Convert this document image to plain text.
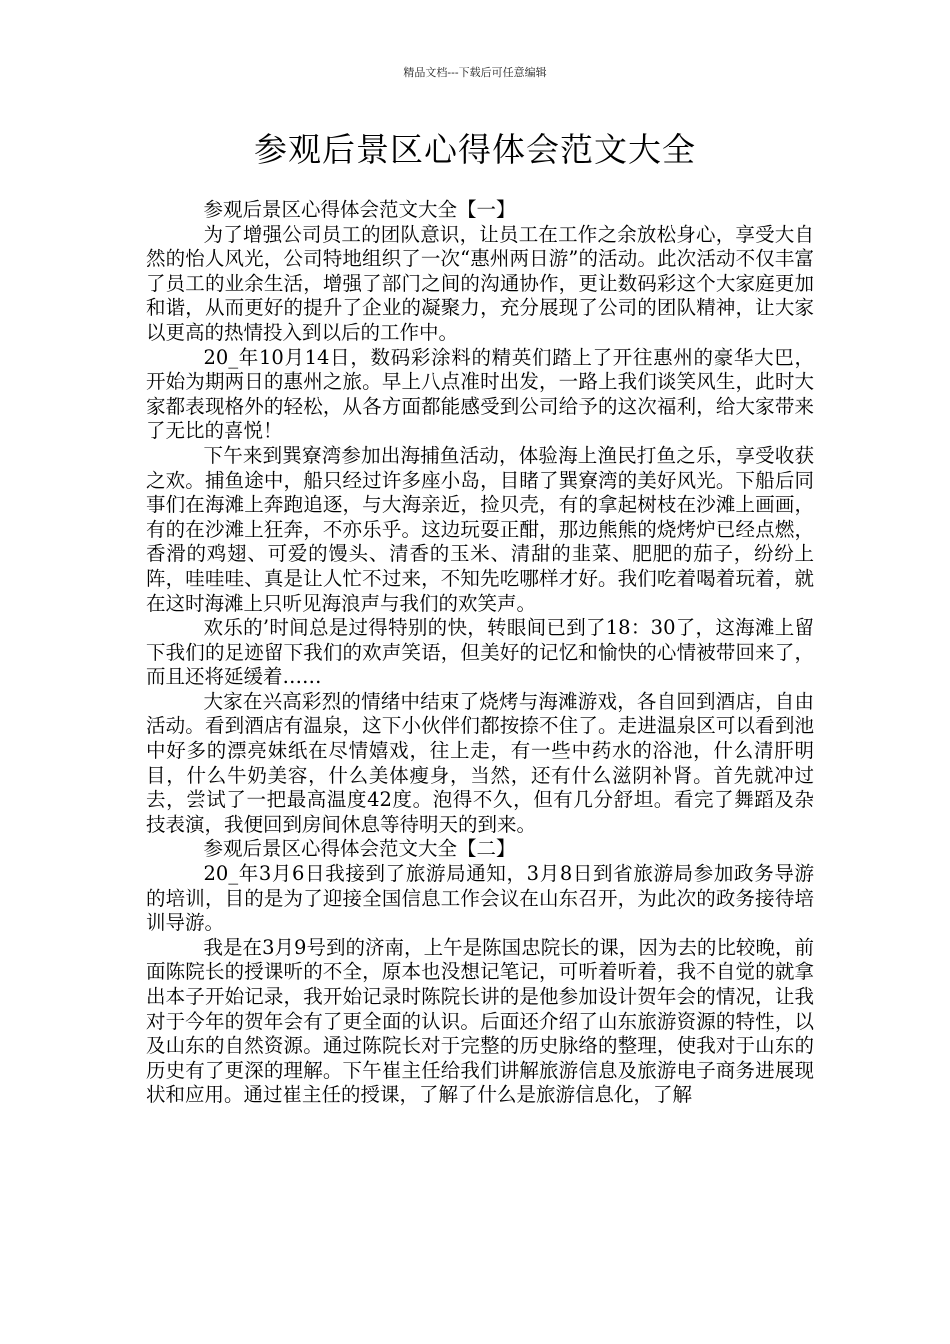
精品文档---下载后可任意编辑
参观后景区心得体会范文大全

参观后景区心得体会范文大全【一】

为了增强公司员工的团队意识，让员工在工作之余放松身心，享受大自然的怡人风光，公司特地组织了一次“惠州两日游”的活动。此次活动不仅丰富了员工的业余生活，增强了部门之间的沟通协作，更让数码彩这个大家庭更加和谐，从而更好的提升了企业的凝聚力，充分展现了公司的团队精神，让大家以更高的热情投入到以后的工作中。

20_年10月14日，数码彩涂料的精英们踏上了开往惠州的豪华大巴，开始为期两日的惠州之旅。早上八点准时出发，一路上我们谈笑风生，此时大家都表现格外的轻松，从各方面都能感受到公司给予的这次福利，给大家带来了无比的喜悦！

下午来到巽寮湾参加出海捕鱼活动，体验海上渔民打鱼之乐，享受收获之欢。捕鱼途中，船只经过许多座小岛，目睹了巽寮湾的美好风光。下船后同事们在海滩上奔跑追逐，与大海亲近，捡贝壳，有的拿起树枝在沙滩上画画，有的在沙滩上狂奔，不亦乐乎。这边玩耍正酣，那边熊熊的烧烤炉已经点燃，香滑的鸡翅、可爱的馒头、清香的玉米、清甜的韭菜、肥肥的茄子，纷纷上阵，哇哇哇、真是让人忙不过来，不知先吃哪样才好。我们吃着喝着玩着，就在这时海滩上只听见海浪声与我们的欢笑声。

欢乐的’时间总是过得特别的快，转眼间已到了18：30了，这海滩上留下我们的足迹留下我们的欢声笑语，但美好的记忆和愉快的心情被带回来了，而且还将延缓着……

大家在兴高彩烈的情绪中结束了烧烤与海滩游戏，各自回到酒店，自由活动。看到酒店有温泉，这下小伙伴们都按捺不住了。走进温泉区可以看到池中好多的漂亮妹纸在尽情嬉戏，往上走，有一些中药水的浴池，什么清肝明目，什么牛奶美容，什么美体瘦身，当然，还有什么滋阴补肾。首先就冲过去，尝试了一把最高温度42度。泡得不久，但有几分舒坦。看完了舞蹈及杂技表演，我便回到房间休息等待明天的到来。

参观后景区心得体会范文大全【二】

20_年3月6日我接到了旅游局通知，3月8日到省旅游局参加政务导游的培训，目的是为了迎接全国信息工作会议在山东召开，为此次的政务接待培训导游。

我是在3月9号到的济南，上午是陈国忠院长的课，因为去的比较晚，前面陈院长的授课听的不全，原本也没想记笔记，可听着听着，我不自觉的就拿出本子开始记录，我开始记录时陈院长讲的是他参加设计贺年会的情况，让我对于今年的贺年会有了更全面的认识。后面还介绍了山东旅游资源的特性，以及山东的自然资源。通过陈院长对于完整的历史脉络的整理，使我对于山东的历史有了更深的理解。下午崔主任给我们讲解旅游信息及旅游电子商务进展现状和应用。通过崔主任的授课，了解了什么是旅游信息化，了解
